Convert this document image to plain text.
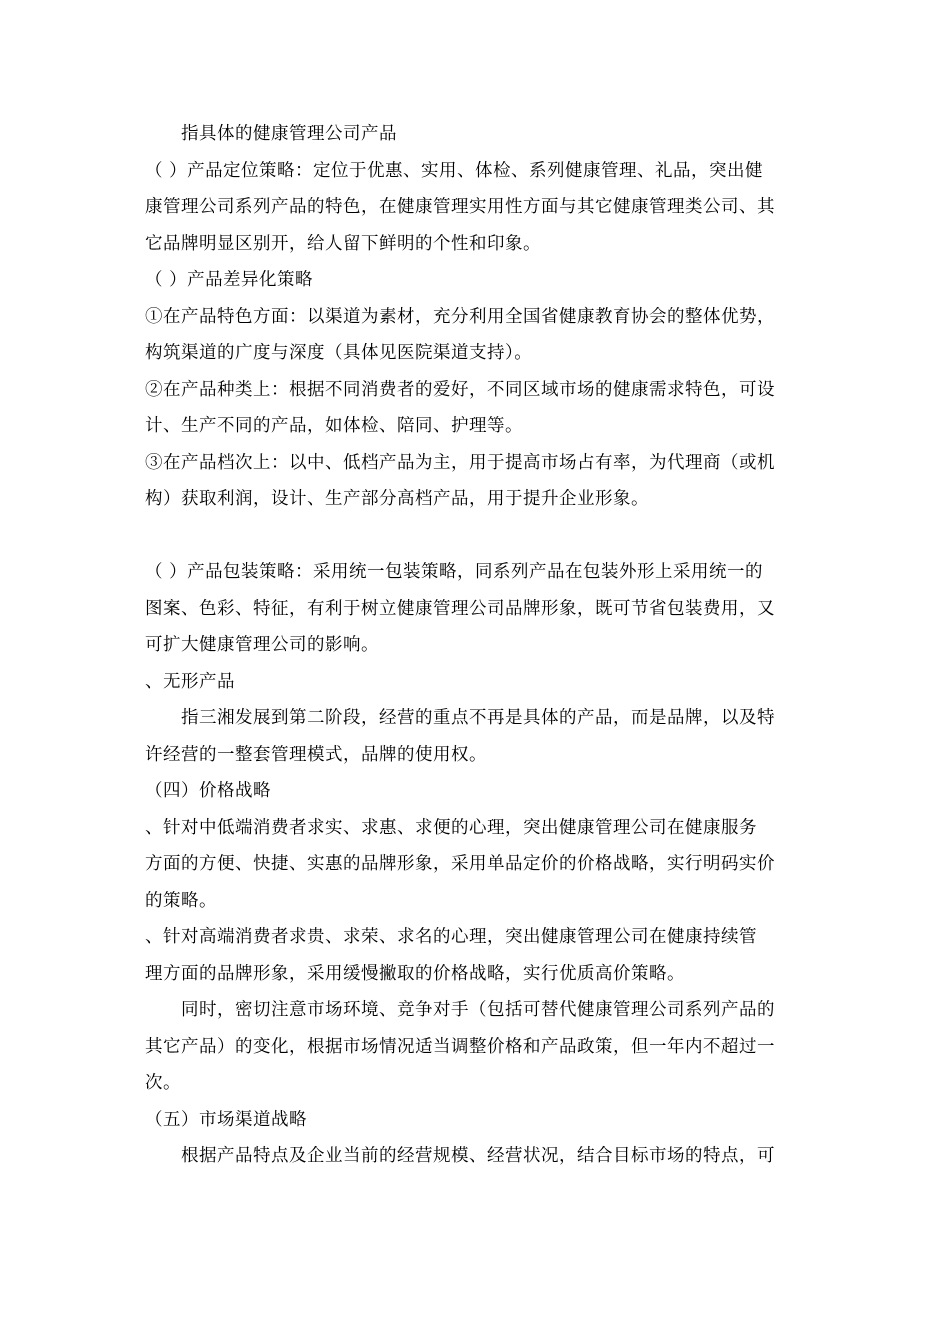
　　指具体的健康管理公司产品
（ ）产品定位策略：定位于优惠、实用、体检、系列健康管理、礼品，突出健
康管理公司系列产品的特色，在健康管理实用性方面与其它健康管理类公司、其
它品牌明显区别开，给人留下鲜明的个性和印象。
（ ）产品差异化策略
①在产品特色方面：以渠道为素材，充分利用全国省健康教育协会的整体优势，
构筑渠道的广度与深度（具体见医院渠道支持）。
②在产品种类上：根据不同消费者的爱好，不同区域市场的健康需求特色，可设
计、生产不同的产品，如体检、陪同、护理等。
③在产品档次上：以中、低档产品为主，用于提高市场占有率，为代理商（或机
构）获取利润，设计、生产部分高档产品，用于提升企业形象。
（ ）产品包装策略：采用统一包装策略，同系列产品在包装外形上采用统一的
图案、色彩、特征，有利于树立健康管理公司品牌形象，既可节省包装费用，又
可扩大健康管理公司的影响。
、无形产品
　　指三湘发展到第二阶段，经营的重点不再是具体的产品，而是品牌，以及特
许经营的一整套管理模式，品牌的使用权。
（四）价格战略
、针对中低端消费者求实、求惠、求便的心理，突出健康管理公司在健康服务
方面的方便、快捷、实惠的品牌形象，采用单品定价的价格战略，实行明码实价
的策略。
、针对高端消费者求贵、求荣、求名的心理，突出健康管理公司在健康持续管
理方面的品牌形象，采用缓慢撇取的价格战略，实行优质高价策略。
　　同时，密切注意市场环境、竞争对手（包括可替代健康管理公司系列产品的
其它产品）的变化，根据市场情况适当调整价格和产品政策，但一年内不超过一
次。
（五）市场渠道战略
　　根据产品特点及企业当前的经营规模、经营状况，结合目标市场的特点，可
